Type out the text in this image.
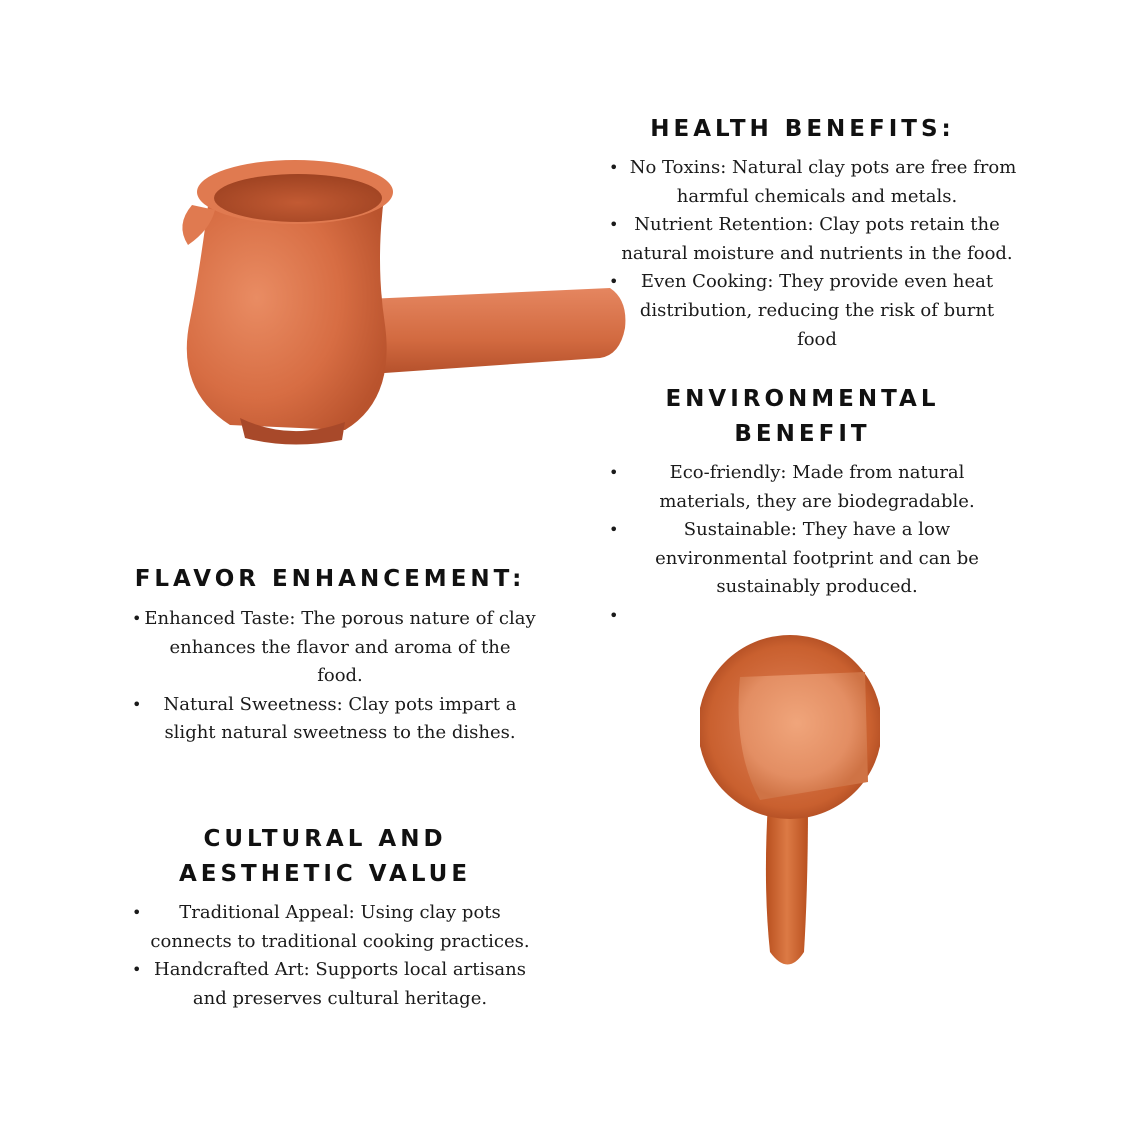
HEALTH BENEFITS:
• No Toxins: Natural clay pots are free from
harmful chemicals and metals.
• Nutrient Retention: Clay pots retain the
natural moisture and nutrients in the food.
• Even Cooking: They provide even heat
distribution, reducing the risk of burnt
food
ENVIRONMENTAL
BENEFIT
•	Eco-friendly: Made from natural
materials, they are biodegradable.
•	Sustainable: They have a low
environmental footprint and can be
sustainably produced.
•
FLAVOR ENHANCEMENT:
• Enhanced Taste: The porous nature of clay
enhances the flavor and aroma of the
food.
• Natural Sweetness: Clay pots impart a
slight natural sweetness to the dishes.
CULTURAL AND
AESTHETIC VALUE
• Traditional Appeal: Using clay pots
connects to traditional cooking practices.
• Handcrafted Art: Supports local artisans
and preserves cultural heritage.
